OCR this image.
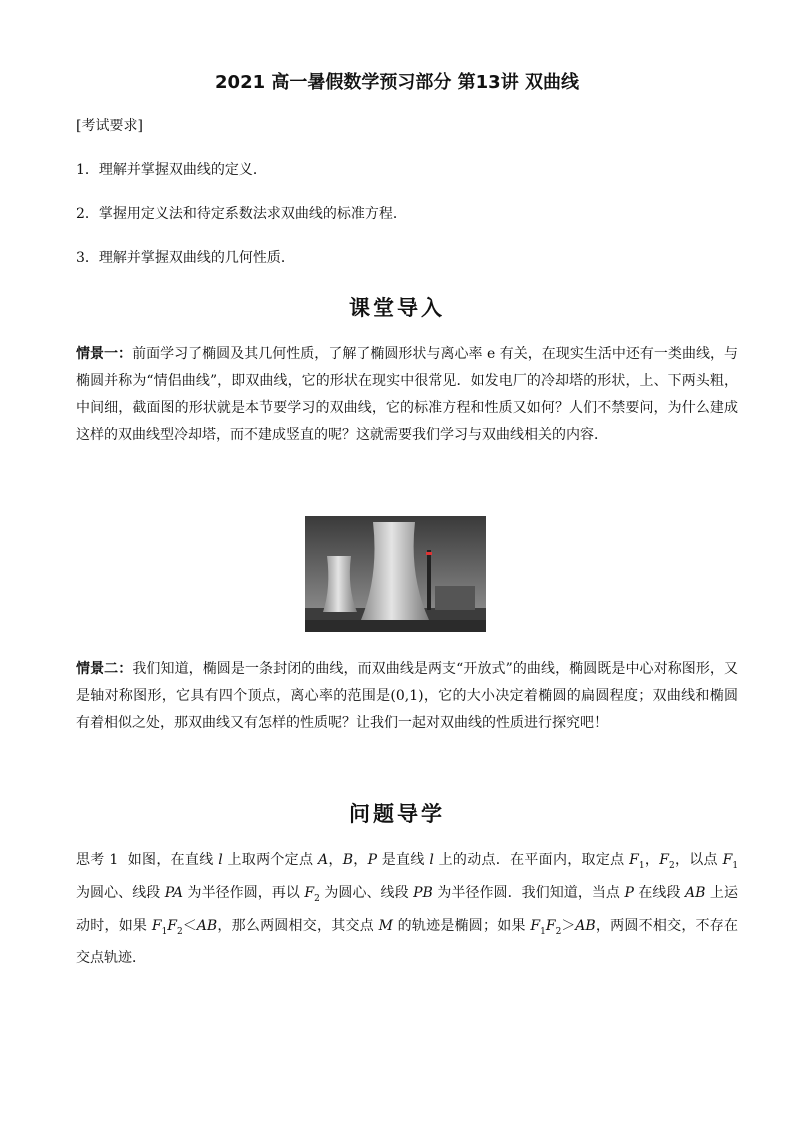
2021 高一暑假数学预习部分 第13讲 双曲线
[考试要求]
1．理解并掌握双曲线的定义．
2．掌握用定义法和待定系数法求双曲线的标准方程．
3．理解并掌握双曲线的几何性质．
课堂导入
情景一：前面学习了椭圆及其几何性质，了解了椭圆形状与离心率 e 有关，在现实生活中还有一类曲线，与椭圆并称为“情侣曲线”，即双曲线，它的形状在现实中很常见．如发电厂的冷却塔的形状，上、下两头粗，中间细，截面图的形状就是本节要学习的双曲线，它的标准方程和性质又如何？人们不禁要问，为什么建成这样的双曲线型冷却塔，而不建成竖直的呢？这就需要我们学习与双曲线相关的内容．
情景二：我们知道，椭圆是一条封闭的曲线，而双曲线是两支“开放式”的曲线，椭圆既是中心对称图形，又是轴对称图形，它具有四个顶点，离心率的范围是(0,1)，它的大小决定着椭圆的扁圆程度；双曲线和椭圆有着相似之处，那双曲线又有怎样的性质呢？让我们一起对双曲线的性质进行探究吧！
问题导学
思考 1 如图，在直线 l 上取两个定点 A，B，P 是直线 l 上的动点．在平面内，取定点 $F_1$，$F_2$，以点 $F_1$ 为圆心、线段 PA 为半径作圆，再以 $F_2$ 为圆心、线段 PB 为半径作圆．我们知道，当点 P 在线段 AB 上运动时，如果 $F_1F_2<AB$，那么两圆相交，其交点 M 的轨迹是椭圆；如果 $F_1F_2>AB$，两圆不相交，不存在交点轨迹．
